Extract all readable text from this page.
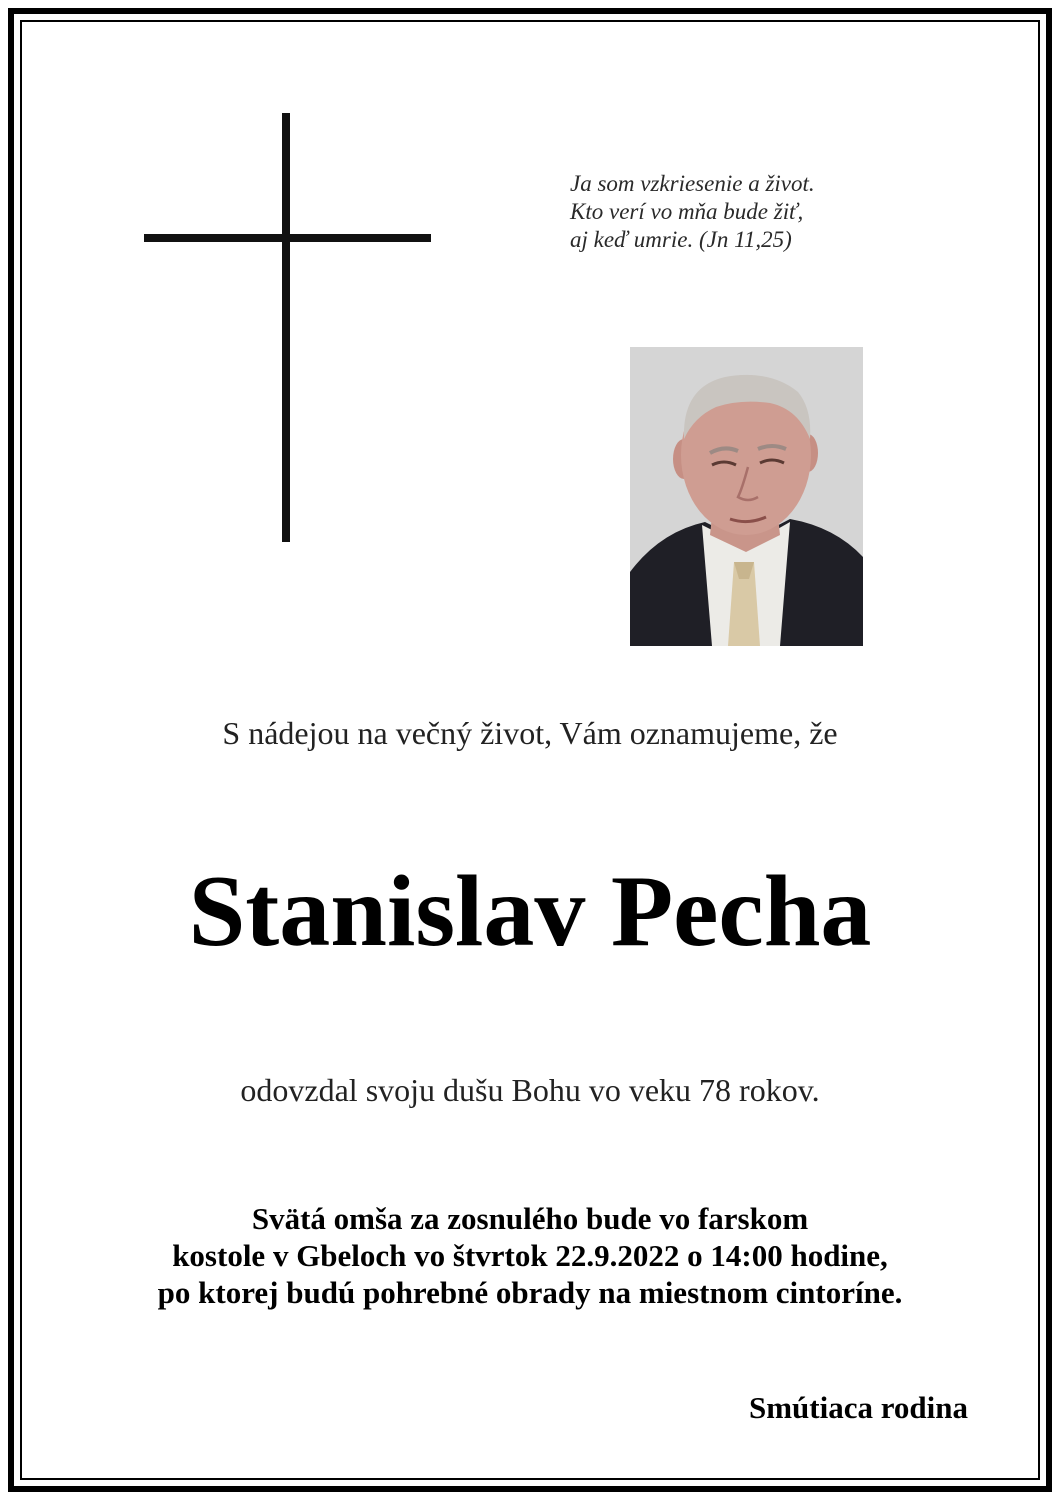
Ja som vzkriesenie a život.
Kto verí vo mňa bude žiť,
aj keď umrie. (Jn 11,25)
S nádejou na večný život, Vám oznamujeme, že
Stanislav Pecha
odovzdal svoju dušu Bohu vo veku 78 rokov.
Svätá omša za zosnulého bude vo farskom
kostole v Gbeloch vo štvrtok 22.9.2022 o 14:00 hodine,
po ktorej budú pohrebné obrady na miestnom cintoríne.
Smútiaca rodina
